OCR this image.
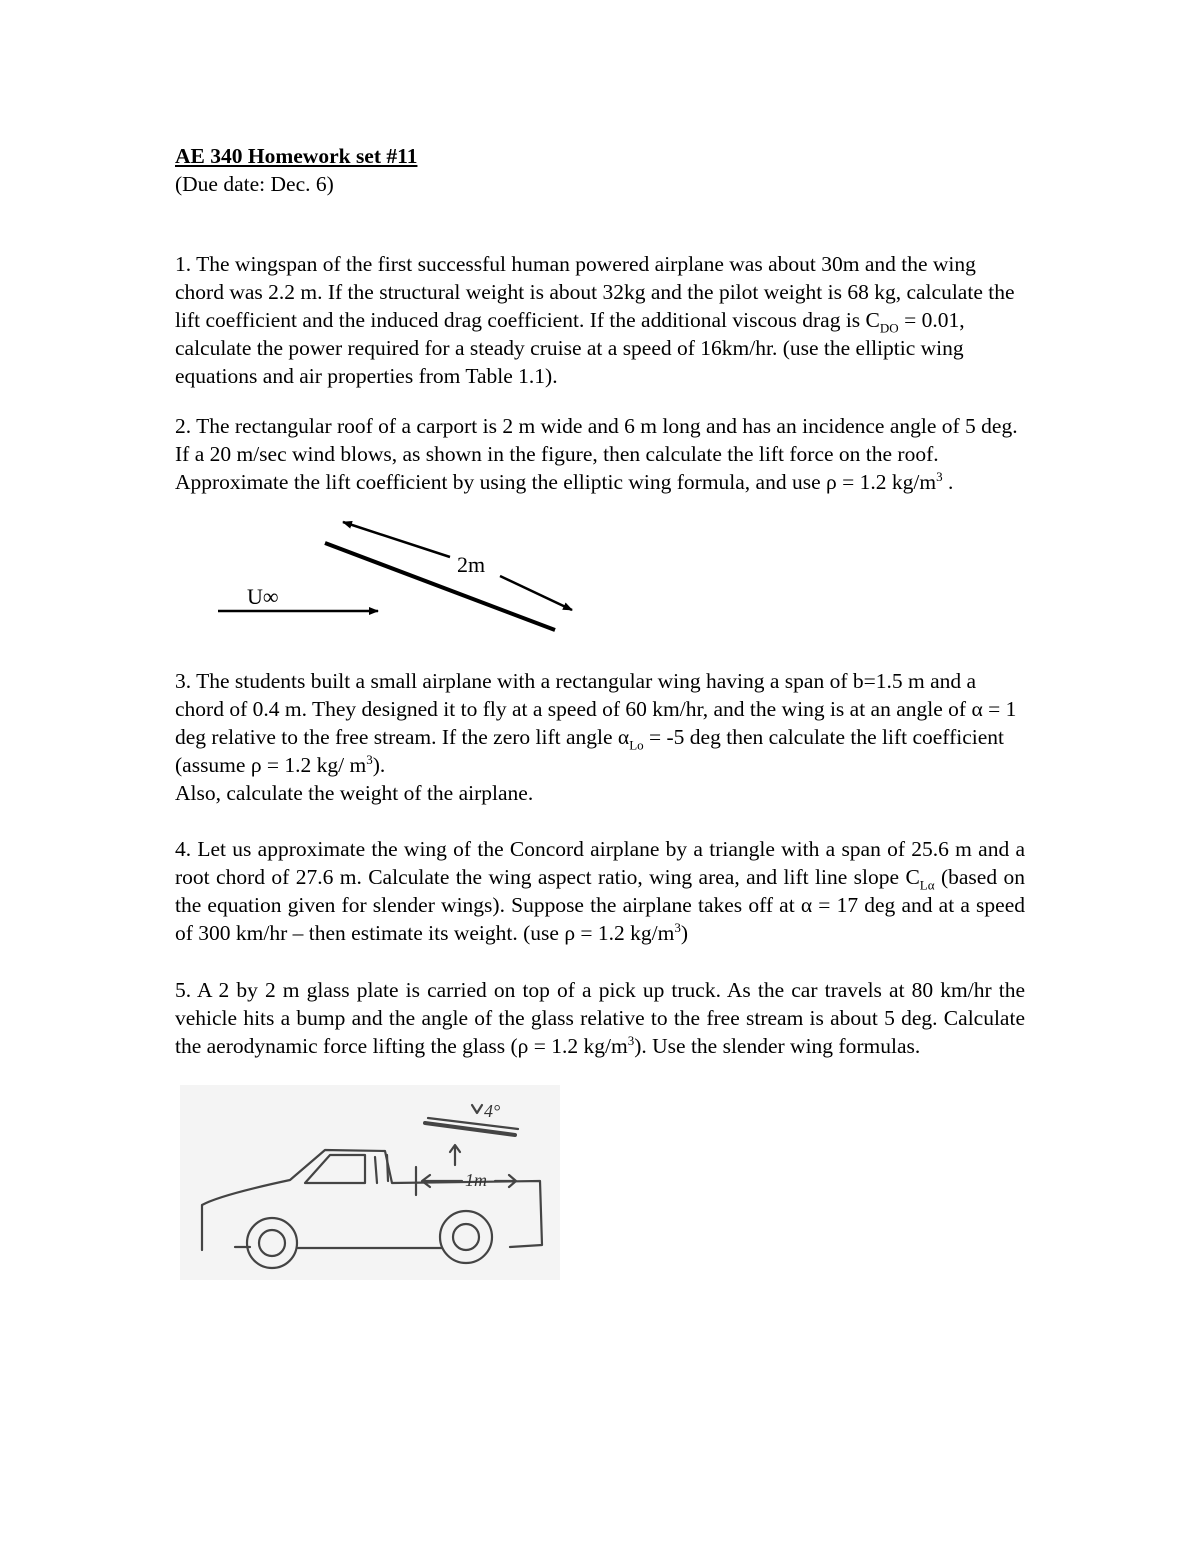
AE 340 Homework set #11
(Due date: Dec. 6)

1. The wingspan of the first successful human powered airplane was about 30m and the wing chord was 2.2 m. If the structural weight is about 32kg and the pilot weight is 68 kg, calculate the lift coefficient and the induced drag coefficient. If the additional viscous drag is $C_{DO} = 0.01$, calculate the power required for a steady cruise at a speed of 16km/hr. (use the elliptic wing equations and air properties from Table 1.1).

2. The rectangular roof of a carport is 2 m wide and 6 m long and has an incidence angle of 5 deg. If a 20 m/sec wind blows, as shown in the figure, then calculate the lift force on the roof. Approximate the lift coefficient by using the elliptic wing formula, and use ρ = 1.2 $kg/m^3$ .

2m
U∞

3. The students built a small airplane with a rectangular wing having a span of b=1.5 m and a chord of 0.4 m. They designed it to fly at a speed of 60 km/hr, and the wing is at an angle of α = 1 deg relative to the free stream. If the zero lift angle $\alpha_{Lo} = -5$ deg then calculate the lift coefficient (assume ρ = 1.2 kg/ $m^3$).

Also, calculate the weight of the airplane.

4. Let us approximate the wing of the Concord airplane by a triangle with a span of 25.6 m and a root chord of 27.6 m. Calculate the wing aspect ratio, wing area, and lift line slope $C_{L\alpha}$ (based on the equation given for slender wings). Suppose the airplane takes off at α = 17 deg and at a speed of 300 km/hr – then estimate its weight. (use ρ = 1.2 $kg/m^3$)

5. A 2 by 2 m glass plate is carried on top of a pick up truck. As the car travels at 80 km/hr the vehicle hits a bump and the angle of the glass relative to the free stream is about 5 deg. Calculate the aerodynamic force lifting the glass (ρ = 1.2 $kg/m^3$). Use the slender wing formulas.

4°
1m
